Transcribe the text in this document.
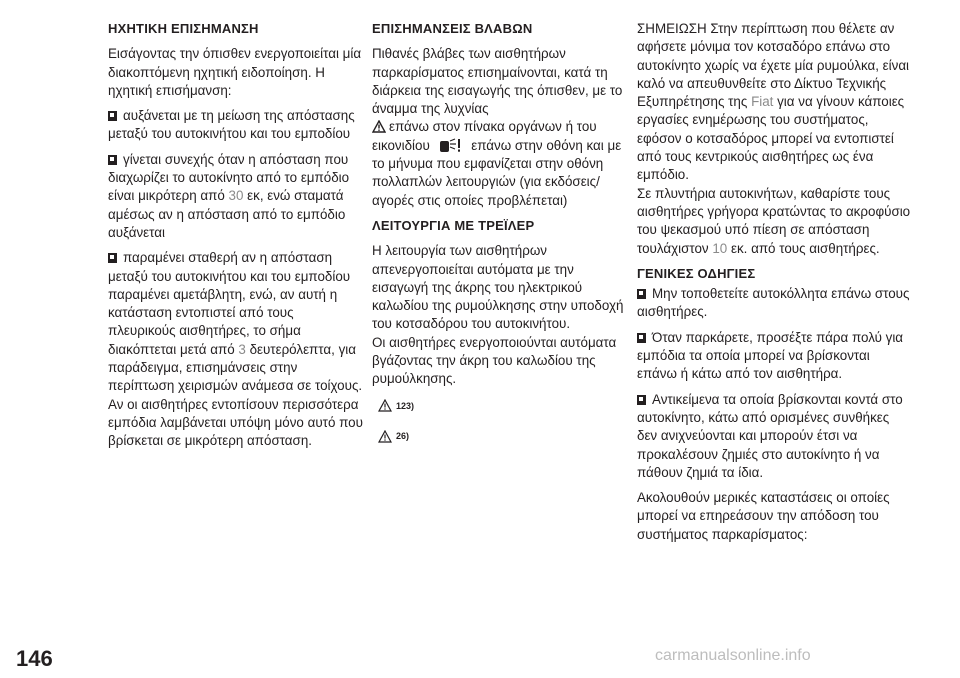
ΗΧΗΤΙΚΗ ΕΠΙΣΗΜΑΝΣΗ

Εισάγοντας την όπισθεν ενεργοποιείται μία διακοπτόμενη ηχητική ειδοποίηση. Η ηχητική επισήμανση:

αυξάνεται με τη μείωση της απόστασης μεταξύ του αυτοκινήτου και του εμποδίου

γίνεται συνεχής όταν η απόσταση που διαχωρίζει το αυτοκίνητο από το εμπόδιο είναι μικρότερη από 30 εκ, ενώ σταματά αμέσως αν η απόσταση από το εμπόδιο αυξάνεται

παραμένει σταθερή αν η απόσταση μεταξύ του αυτοκινήτου και του εμποδίου παραμένει αμετάβλητη, ενώ, αν αυτή η κατάσταση εντοπιστεί από τους πλευρικούς αισθητήρες, το σήμα διακόπτεται μετά από 3 δευτερόλεπτα, για παράδειγμα, επισημάνσεις στην περίπτωση χειρισμών ανάμεσα σε τοίχους.

Αν οι αισθητήρες εντοπίσουν περισσότερα εμπόδια λαμβάνεται υπόψη μόνο αυτό που βρίσκεται σε μικρότερη απόσταση.

ΕΠΙΣΗΜΑΝΣΕΙΣ ΒΛΑΒΩΝ

Πιθανές βλάβες των αισθητήρων παρκαρίσματος επισημαίνονται, κατά τη διάρκεια της εισαγωγής της όπισθεν, με το άναμμα της λυχνίας
επάνω στον πίνακα οργάνων ή του εικονιδίου	επάνω στην οθόνη και με το μήνυμα που εμφανίζεται στην οθόνη πολλαπλών λειτουργιών (για εκδόσεις/αγορές στις οποίες προβλέπεται)

ΛΕΙΤΟΥΡΓΙΑ ΜΕ ΤΡΕΪΛΕΡ

Η λειτουργία των αισθητήρων απενεργοποιείται αυτόματα με την εισαγωγή της άκρης του ηλεκτρικού καλωδίου της ρυμούλκησης στην υποδοχή του κοτσαδόρου του αυτοκινήτου.

Οι αισθητήρες ενεργοποιούνται αυτόματα βγάζοντας την άκρη του καλωδίου της ρυμούλκησης.

123)
26)

ΣΗΜΕΙΩΣΗ Στην περίπτωση που θέλετε αν αφήσετε μόνιμα τον κοτσαδόρο επάνω στο αυτοκίνητο χωρίς να έχετε μία ρυμούλκα, είναι καλό να απευθυνθείτε στο Δίκτυο Τεχνικής Εξυπηρέτησης της Fiat για να γίνουν κάποιες εργασίες ενημέρωσης του συστήματος, εφόσον ο κοτσαδόρος μπορεί να εντοπιστεί από τους κεντρικούς αισθητήρες ως ένα εμπόδιο.

Σε πλυντήρια αυτοκινήτων, καθαρίστε τους αισθητήρες γρήγορα κρατώντας το ακροφύσιο του ψεκασμού υπό πίεση σε απόσταση τουλάχιστον 10 εκ. από τους αισθητήρες.

ΓΕΝΙΚΕΣ ΟΔΗΓΙΕΣ

Μην τοποθετείτε αυτοκόλλητα επάνω στους αισθητήρες.

Όταν παρκάρετε, προσέξτε πάρα πολύ για εμπόδια τα οποία μπορεί να βρίσκονται επάνω ή κάτω από τον αισθητήρα.

Αντικείμενα τα οποία βρίσκονται κοντά στο αυτοκίνητο, κάτω από ορισμένες συνθήκες δεν ανιχνεύονται και μπορούν έτσι να προκαλέσουν ζημιές στο αυτοκίνητο ή να πάθουν ζημιά τα ίδια.

Ακολουθούν μερικές καταστάσεις οι οποίες μπορεί να επηρεάσουν την απόδοση του συστήματος παρκαρίσματος:

146	carmanualsonline.info
